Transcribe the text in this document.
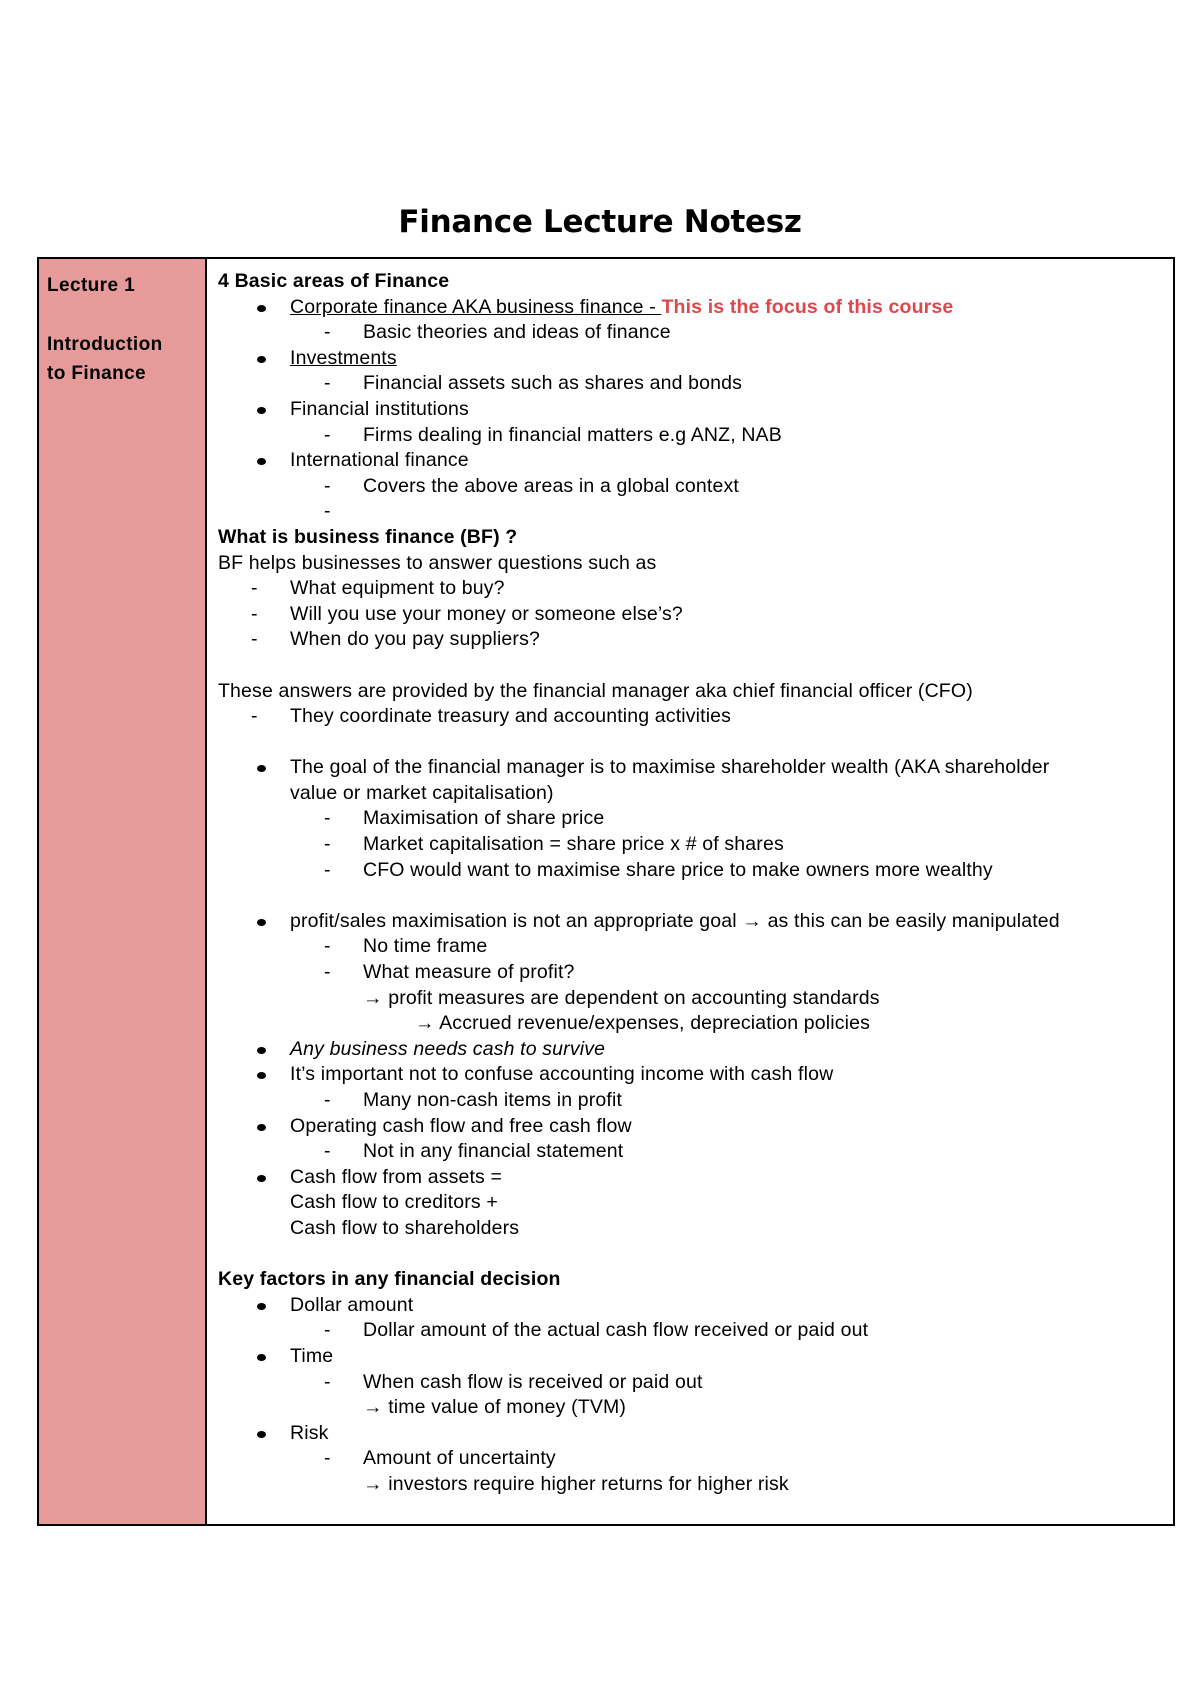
Finance Lecture Notesz
Lecture 1
Introduction
to Finance
4 Basic areas of Finance
Corporate finance AKA business finance - This is the focus of this course
- Basic theories and ideas of finance
Investments
- Financial assets such as shares and bonds
Financial institutions
- Firms dealing in financial matters e.g ANZ, NAB
International finance
- Covers the above areas in a global context
-
What is business finance (BF) ?
BF helps businesses to answer questions such as
- What equipment to buy?
- Will you use your money or someone else’s?
- When do you pay suppliers?
These answers are provided by the financial manager aka chief financial officer (CFO)
- They coordinate treasury and accounting activities
The goal of the financial manager is to maximise shareholder wealth (AKA shareholder
value or market capitalisation)
- Maximisation of share price
- Market capitalisation = share price x # of shares
- CFO would want to maximise share price to make owners more wealthy
profit/sales maximisation is not an appropriate goal → as this can be easily manipulated
- No time frame
- What measure of profit?
→ profit measures are dependent on accounting standards
→ Accrued revenue/expenses, depreciation policies
Any business needs cash to survive
It’s important not to confuse accounting income with cash flow
- Many non-cash items in profit
Operating cash flow and free cash flow
- Not in any financial statement
Cash flow from assets =
Cash flow to creditors +
Cash flow to shareholders
Key factors in any financial decision
Dollar amount
- Dollar amount of the actual cash flow received or paid out
Time
- When cash flow is received or paid out
→ time value of money (TVM)
Risk
- Amount of uncertainty
→ investors require higher returns for higher risk
